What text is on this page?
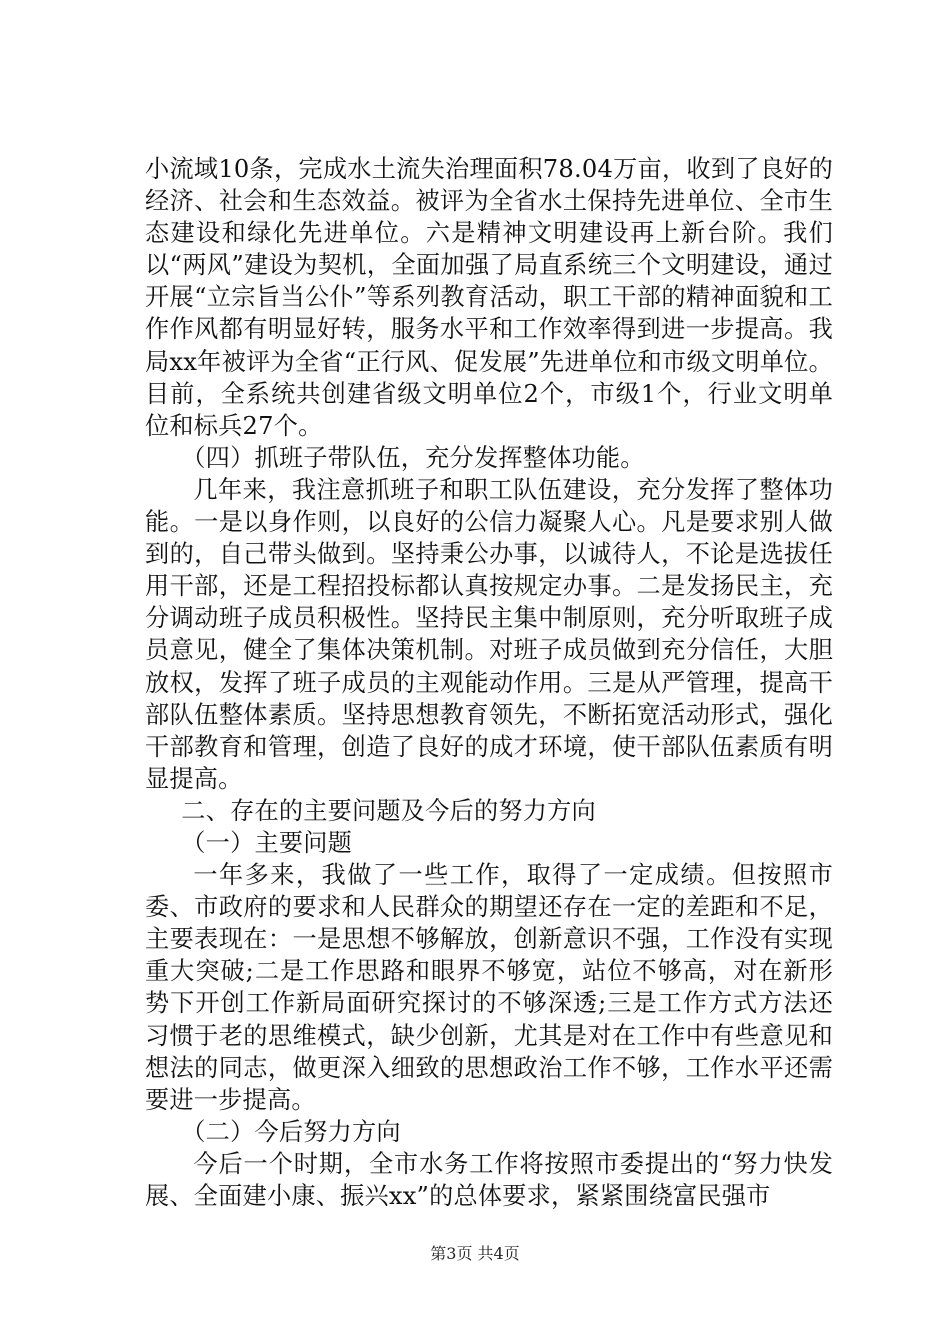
小流域10条，完成水土流失治理面积78.04万亩，收到了良好的经济、社会和生态效益。被评为全省水土保持先进单位、全市生态建设和绿化先进单位。六是精神文明建设再上新台阶。我们以“两风”建设为契机，全面加强了局直系统三个文明建设，通过开展“立宗旨当公仆”等系列教育活动，职工干部的精神面貌和工作作风都有明显好转，服务水平和工作效率得到进一步提高。我局xx年被评为全省“正行风、促发展”先进单位和市级文明单位。目前，全系统共创建省级文明单位2个，市级1个，行业文明单位和标兵27个。

（四）抓班子带队伍，充分发挥整体功能。

几年来，我注意抓班子和职工队伍建设，充分发挥了整体功能。一是以身作则，以良好的公信力凝聚人心。凡是要求别人做到的，自己带头做到。坚持秉公办事，以诚待人，不论是选拔任用干部，还是工程招投标都认真按规定办事。二是发扬民主，充分调动班子成员积极性。坚持民主集中制原则，充分听取班子成员意见，健全了集体决策机制。对班子成员做到充分信任，大胆放权，发挥了班子成员的主观能动作用。三是从严管理，提高干部队伍整体素质。坚持思想教育领先，不断拓宽活动形式，强化干部教育和管理，创造了良好的成才环境，使干部队伍素质有明显提高。

二、存在的主要问题及今后的努力方向

（一）主要问题

一年多来，我做了一些工作，取得了一定成绩。但按照市委、市政府的要求和人民群众的期望还存在一定的差距和不足，主要表现在：一是思想不够解放，创新意识不强，工作没有实现重大突破;二是工作思路和眼界不够宽，站位不够高，对在新形势下开创工作新局面研究探讨的不够深透;三是工作方式方法还习惯于老的思维模式，缺少创新，尤其是对在工作中有些意见和想法的同志，做更深入细致的思想政治工作不够，工作水平还需要进一步提高。

（二）今后努力方向

今后一个时期，全市水务工作将按照市委提出的“努力快发展、全面建小康、振兴xx”的总体要求，紧紧围绕富民强市

第3页 共4页
